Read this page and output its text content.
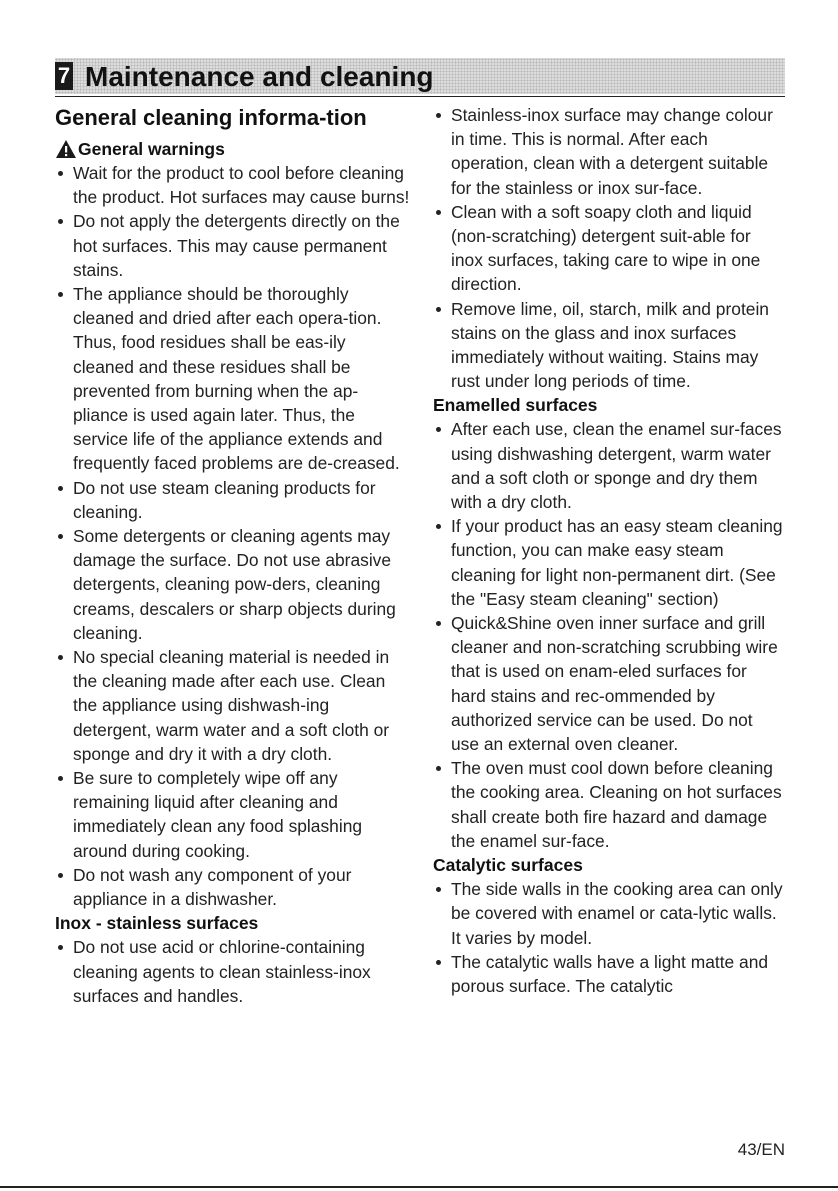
7 Maintenance and cleaning
General cleaning informa-tion
General warnings
Wait for the product to cool before cleaning the product. Hot surfaces may cause burns!
Do not apply the detergents directly on the hot surfaces. This may cause permanent stains.
The appliance should be thoroughly cleaned and dried after each opera-tion. Thus, food residues shall be eas-ily cleaned and these residues shall be prevented from burning when the ap-pliance is used again later. Thus, the service life of the appliance extends and frequently faced problems are de-creased.
Do not use steam cleaning products for cleaning.
Some detergents or cleaning agents may damage the surface. Do not use abrasive detergents, cleaning pow-ders, cleaning creams, descalers or sharp objects during cleaning.
No special cleaning material is needed in the cleaning made after each use. Clean the appliance using dishwash-ing detergent, warm water and a soft cloth or sponge and dry it with a dry cloth.
Be sure to completely wipe off any remaining liquid after cleaning and immediately clean any food splashing around during cooking.
Do not wash any component of your appliance in a dishwasher.
Inox - stainless surfaces
Do not use acid or chlorine-containing cleaning agents to clean stainless-inox surfaces and handles.
Stainless-inox surface may change colour in time. This is normal. After each operation, clean with a detergent suitable for the stainless or inox sur-face.
Clean with a soft soapy cloth and liquid (non-scratching) detergent suit-able for inox surfaces, taking care to wipe in one direction.
Remove lime, oil, starch, milk and protein stains on the glass and inox surfaces immediately without waiting. Stains may rust under long periods of time.
Enamelled surfaces
After each use, clean the enamel sur-faces using dishwashing detergent, warm water and a soft cloth or sponge and dry them with a dry cloth.
If your product has an easy steam cleaning function, you can make easy steam cleaning for light non-permanent dirt. (See the "Easy steam cleaning" section)
Quick&Shine oven inner surface and grill cleaner and non-scratching scrubbing wire that is used on enam-eled surfaces for hard stains and rec-ommended by authorized service can be used. Do not use an external oven cleaner.
The oven must cool down before cleaning the cooking area. Cleaning on hot surfaces shall create both fire hazard and damage the enamel sur-face.
Catalytic surfaces
The side walls in the cooking area can only be covered with enamel or cata-lytic walls. It varies by model.
The catalytic walls have a light matte and porous surface. The catalytic
43/EN
